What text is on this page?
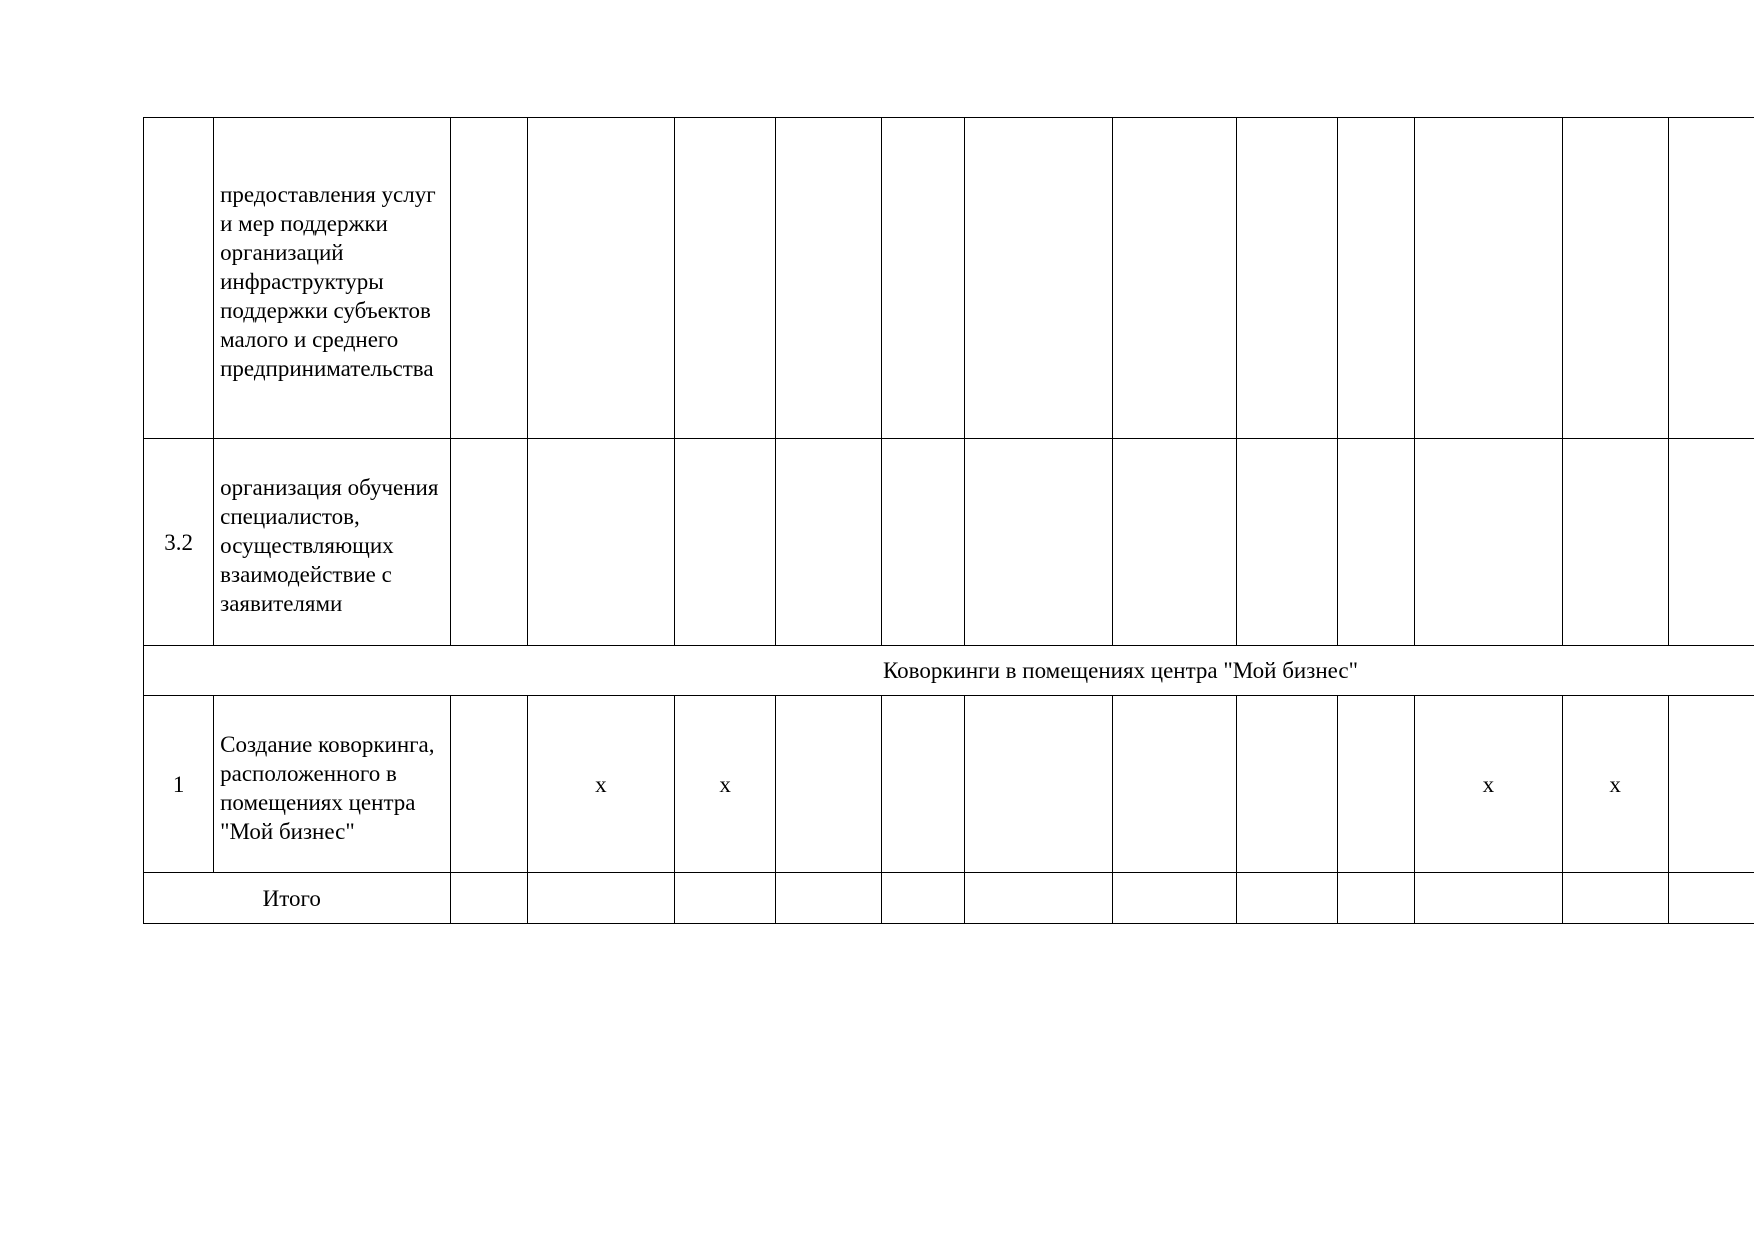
	предоставления услуг и мер поддержки организаций инфраструктуры поддержки субъектов малого и среднего предпринимательства												
3.2	организация обучения специалистов, осуществляющих взаимодействие с заявителями												
Коворкинги в помещениях центра "Мой бизнес"													
1	Создание коворкинга, расположенного в помещениях центра "Мой бизнес"		х	х							х	х	
Итого													
